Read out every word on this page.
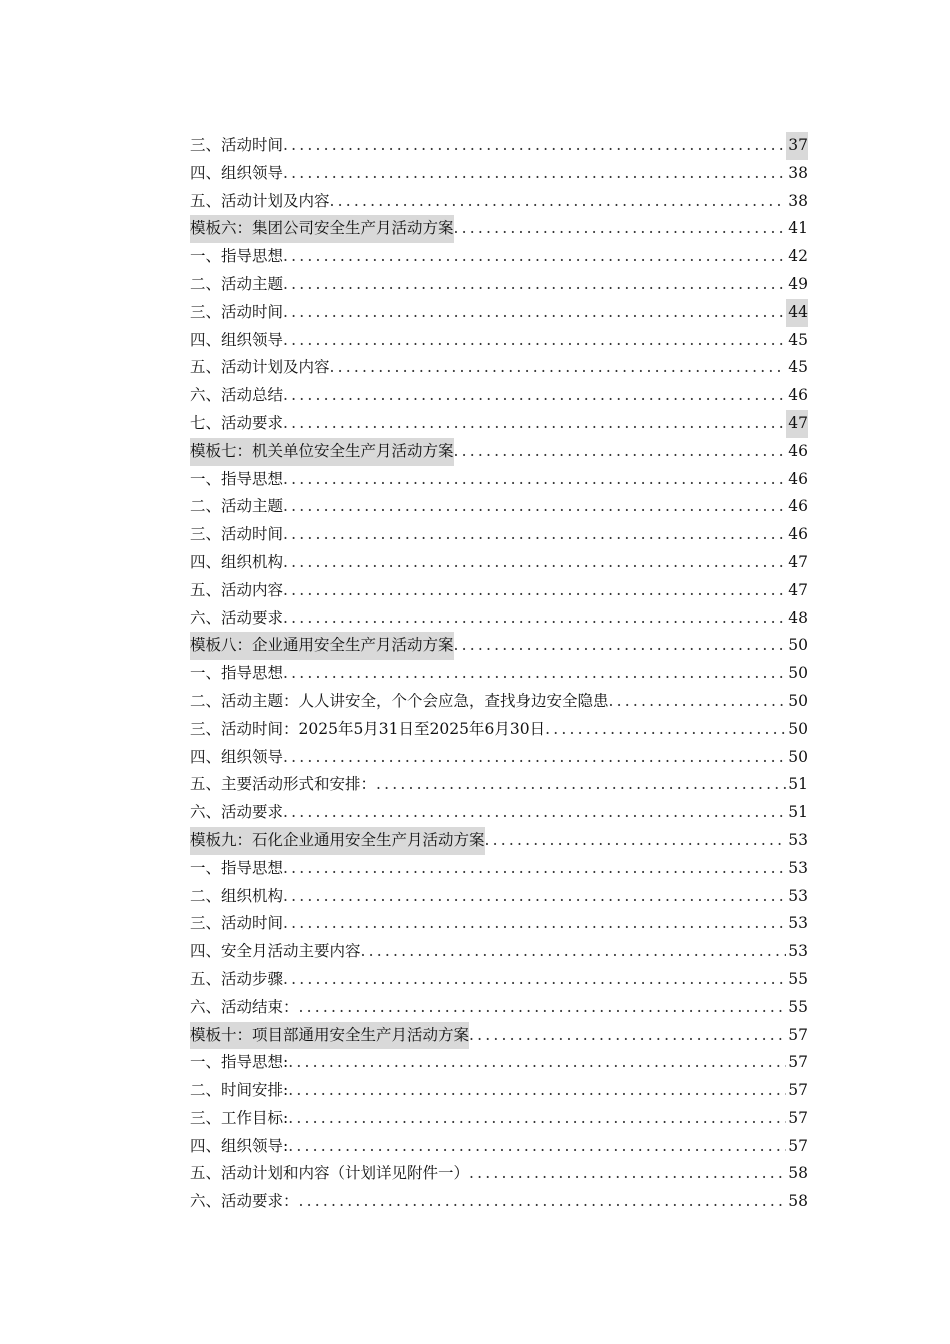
三、活动时间 .....	37
四、组织领导 .....	38
五、活动计划及内容 .....	38
模板六：集团公司安全生产月活动方案 .....	41
一、指导思想 .....	42
二、活动主题 .....	49
三、活动时间 .....	44
四、组织领导 .....	45
五、活动计划及内容 .....	45
六、活动总结 .....	46
七、活动要求 .....	47
模板七：机关单位安全生产月活动方案 .....	46
一、指导思想 .....	46
二、活动主题 .....	46
三、活动时间 .....	46
四、组织机构 .....	47
五、活动内容 .....	47
六、活动要求 .....	48
模板八：企业通用安全生产月活动方案 .....	50
一、指导思想 .....	50
二、活动主题：人人讲安全，个个会应急，查找身边安全隐患 .....	50
三、活动时间：2025年5月31日至2025年6月30日 .....	50
四、组织领导 .....	50
五、主要活动形式和安排： .....	51
六、活动要求 .....	51
模板九：石化企业通用安全生产月活动方案 .....	53
一、指导思想 .....	53
二、组织机构 .....	53
三、活动时间 .....	53
四、安全月活动主要内容 .....	53
五、活动步骤 .....	55
六、活动结束： .....	55
模板十：项目部通用安全生产月活动方案 .....	57
一、指导思想: .....	57
二、时间安排: .....	57
三、工作目标: .....	57
四、组织领导: .....	57
五、活动计划和内容（计划详见附件一） .....	58
六、活动要求： .....	58
